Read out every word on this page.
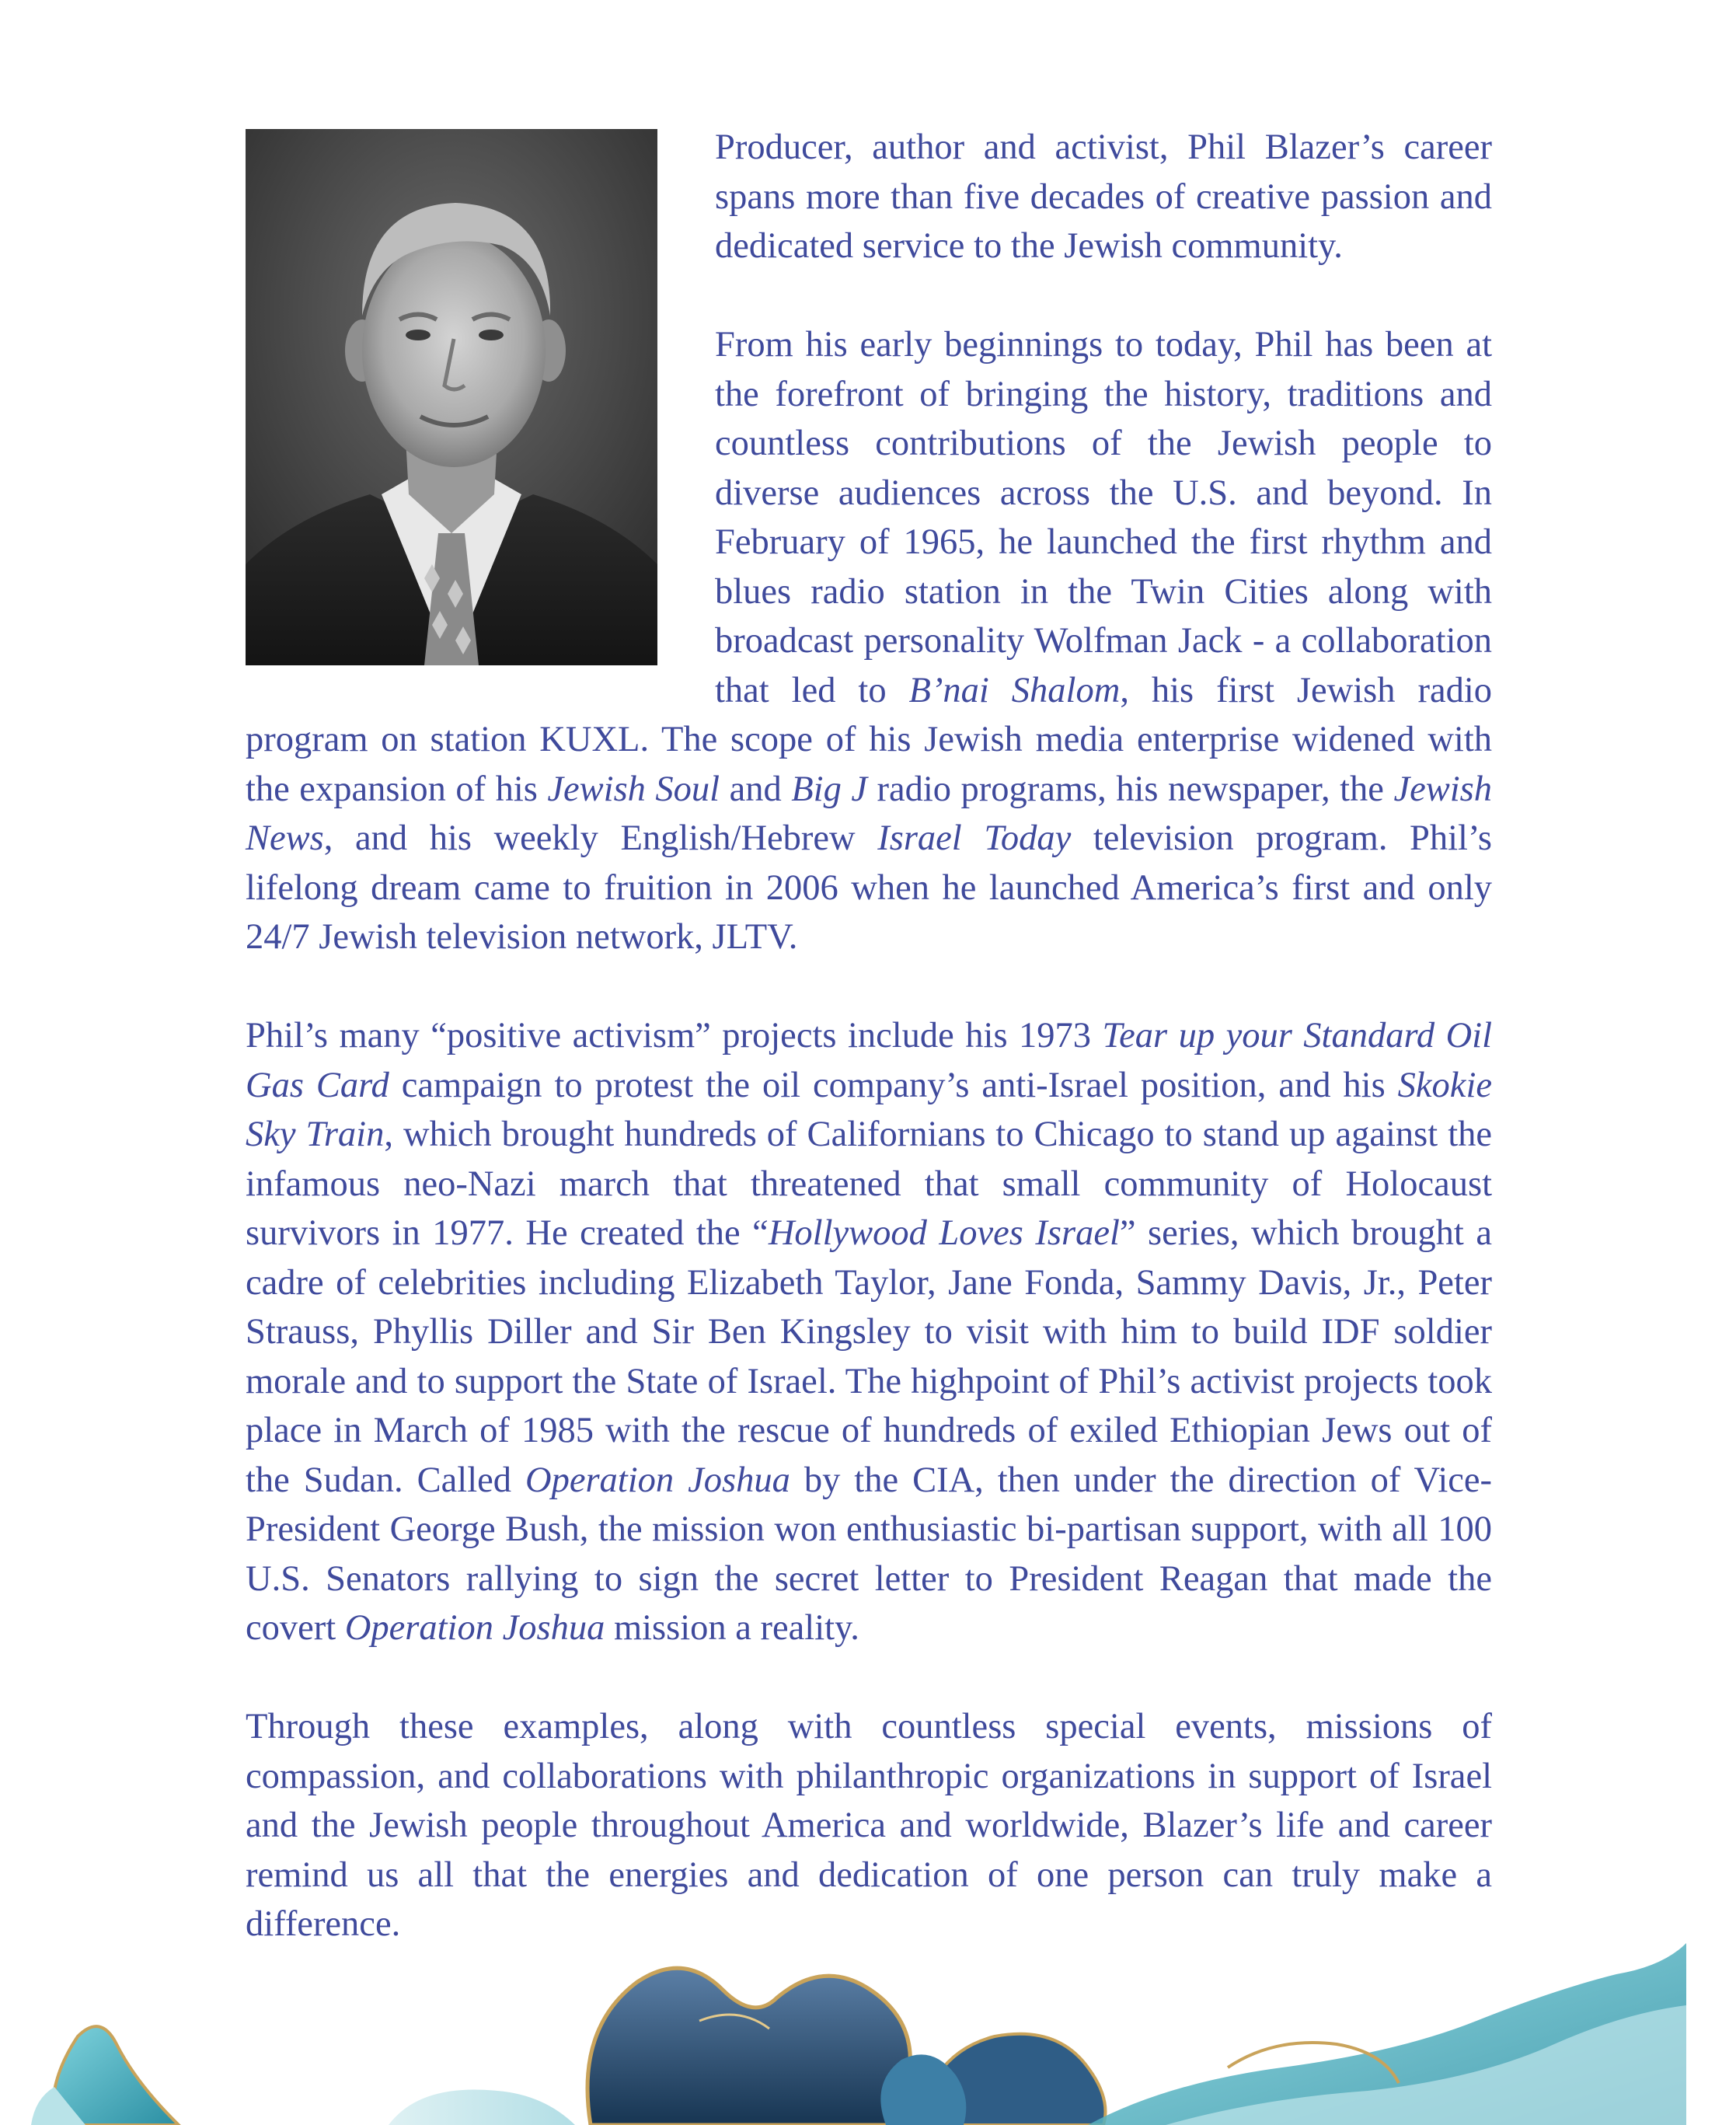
Producer, author and activist, Phil Blazer’s career spans more than five decades of creative passion and dedicated service to the Jewish community.

From his early beginnings to today, Phil has been at the forefront of bringing the history, traditions and countless contributions of the Jewish people to diverse audiences across the U.S. and beyond. In February of 1965, he launched the first rhythm and blues radio station in the Twin Cities along with broadcast personality Wolfman Jack - a collaboration that led to B’nai Shalom, his first Jewish radio program on station KUXL. The scope of his Jewish media enterprise widened with the expansion of his Jewish Soul and Big J radio programs, his newspaper, the Jewish News, and his weekly English/Hebrew Israel Today television program. Phil’s lifelong dream came to fruition in 2006 when he launched America’s first and only 24/7 Jewish television network, JLTV.

Phil’s many “positive activism” projects include his 1973 Tear up your Standard Oil Gas Card campaign to protest the oil company’s anti-Israel position, and his Skokie Sky Train, which brought hundreds of Californians to Chicago to stand up against the infamous neo-Nazi march that threatened that small community of Holocaust survivors in 1977. He created the “Hollywood Loves Israel” series, which brought a cadre of celebrities including Elizabeth Taylor, Jane Fonda, Sammy Davis, Jr., Peter Strauss, Phyllis Diller and Sir Ben Kingsley to visit with him to build IDF soldier morale and to support the State of Israel. The highpoint of Phil’s activist projects took place in March of 1985 with the rescue of hundreds of exiled Ethiopian Jews out of the Sudan. Called Operation Joshua by the CIA, then under the direction of Vice-President George Bush, the mission won enthusiastic bi-partisan support, with all 100 U.S. Senators rallying to sign the secret letter to President Reagan that made the covert Operation Joshua mission a reality.

Through these examples, along with countless special events, missions of compassion, and collaborations with philanthropic organizations in support of Israel and the Jewish people throughout America and worldwide, Blazer’s life and career remind us all that the energies and dedication of one person can truly make a difference.
